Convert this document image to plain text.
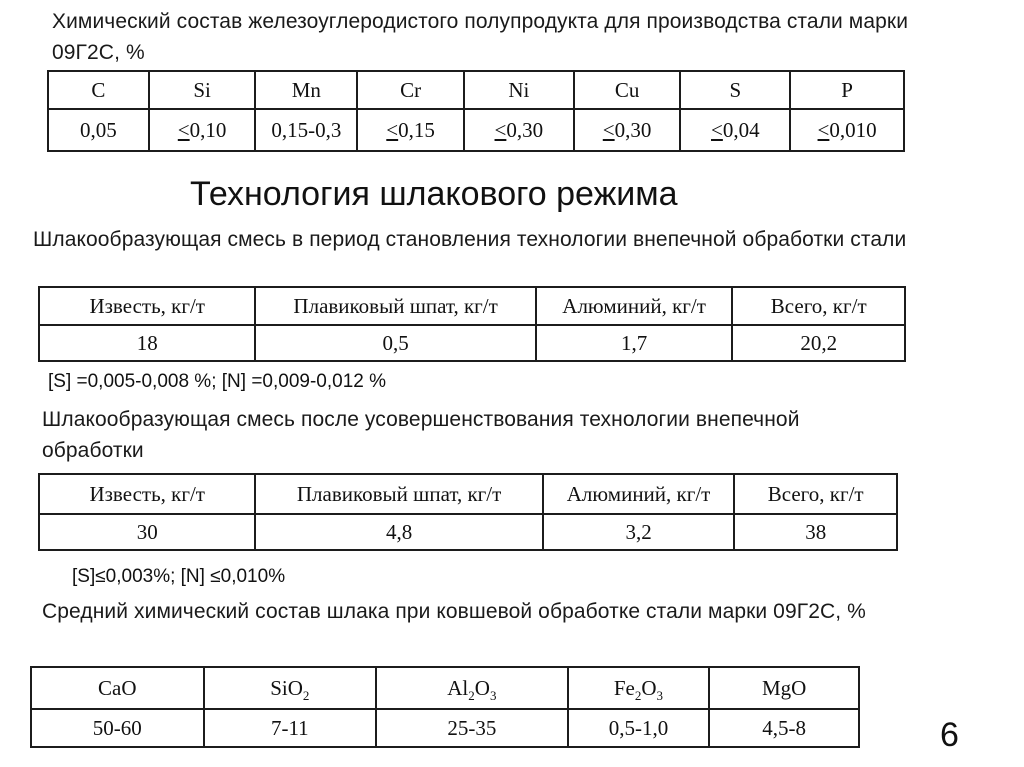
Химический состав железоуглеродистого полупродукта для производства стали марки 09Г2С, %
C	Si	Mn	Cr	Ni	Cu	S	P
0,05	<0,10	0,15-0,3	<0,15	<0,30	<0,30	<0,04	<0,010
Технология шлакового режима
Шлакообразующая смесь в период становления технологии внепечной обработки стали
Известь, кг/т	Плавиковый шпат, кг/т	Алюминий, кг/т	Всего, кг/т
18	0,5	1,7	20,2
[S] =0,005-0,008 %; [N] =0,009-0,012 %
Шлакообразующая смесь после усовершенствования технологии внепечной обработки
Известь, кг/т	Плавиковый шпат, кг/т	Алюминий, кг/т	Всего, кг/т
30	4,8	3,2	38
[S]≤0,003%; [N] ≤0,010%
Средний химический состав шлака при ковшевой обработке стали марки 09Г2С, %
CaO	SiO$_2$	$Al_2O_3$	$Fe_2O_3$	MgO
50-60	7-11	25-35	0,5-1,0	4,5-8	6
